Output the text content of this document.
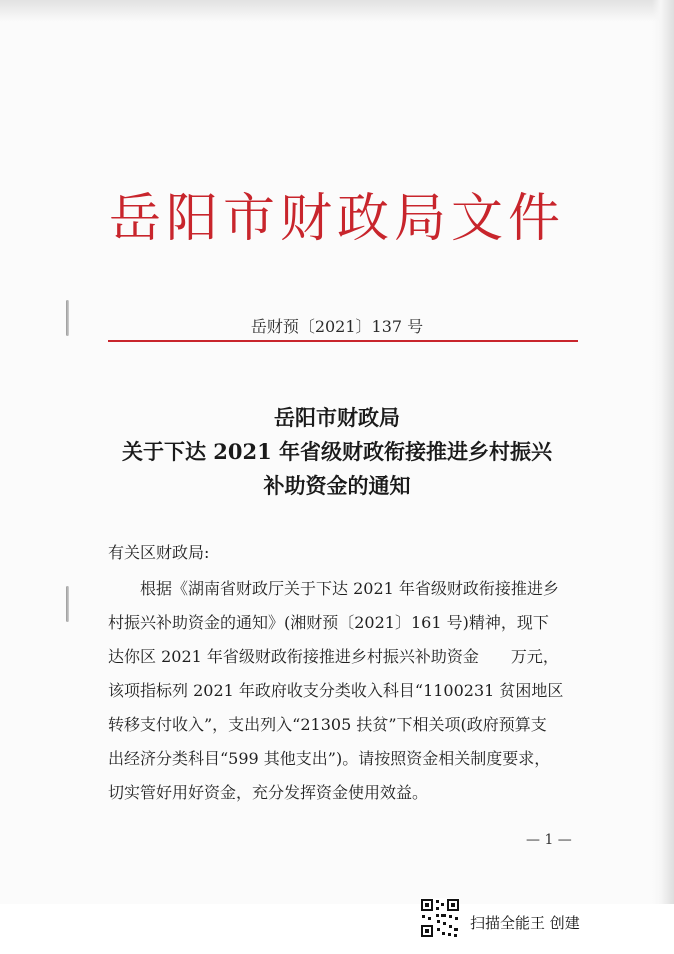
岳阳市财政局文件
岳财预〔2021〕137 号
岳阳市财政局
关于下达 2021 年省级财政衔接推进乡村振兴
补助资金的通知
有关区财政局:
根据《湖南省财政厅关于下达 2021 年省级财政衔接推进乡
村振兴补助资金的通知》(湘财预〔2021〕161 号)精神，现下
达你区 2021 年省级财政衔接推进乡村振兴补助资金　　万元，
该项指标列 2021 年政府收支分类收入科目“1100231 贫困地区
转移支付收入”，支出列入“21305 扶贫”下相关项(政府预算支
出经济分类科目“599 其他支出”)。请按照资金相关制度要求，
切实管好用好资金，充分发挥资金使用效益。
— 1 —
扫描全能王 创建
